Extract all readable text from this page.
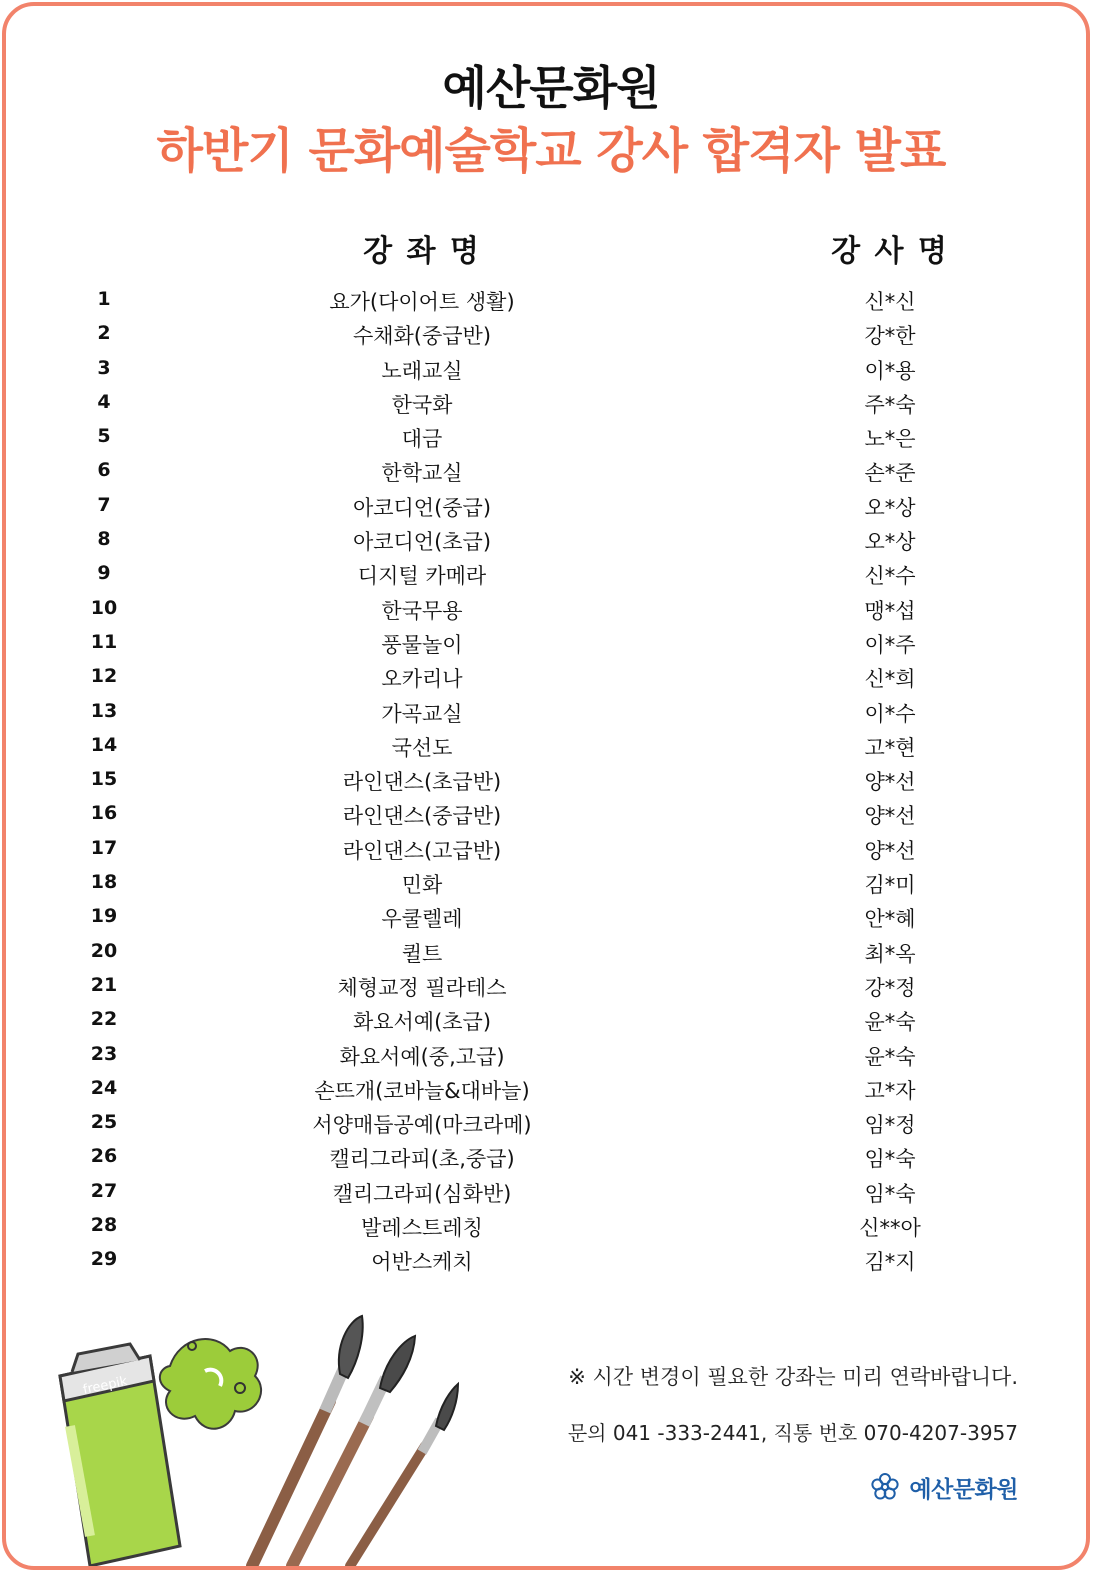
예산문화원
하반기 문화예술학교 강사 합격자 발표
강 좌 명	강 사 명
1	요가(다이어트 생활)	신*신
2	수채화(중급반)	강*한
3	노래교실	이*용
4	한국화	주*숙
5	대금	노*은
6	한학교실	손*준
7	아코디언(중급)	오*상
8	아코디언(초급)	오*상
9	디지털 카메라	신*수
10	한국무용	맹*섭
11	풍물놀이	이*주
12	오카리나	신*희
13	가곡교실	이*수
14	국선도	고*현
15	라인댄스(초급반)	양*선
16	라인댄스(중급반)	양*선
17	라인댄스(고급반)	양*선
18	민화	김*미
19	우쿨렐레	안*혜
20	퀼트	최*옥
21	체형교정 필라테스	강*정
22	화요서예(초급)	윤*숙
23	화요서예(중,고급)	윤*숙
24	손뜨개(코바늘&대바늘)	고*자
25	서양매듭공예(마크라메)	임*정
26	캘리그라피(초,중급)	임*숙
27	캘리그라피(심화반)	임*숙
28	발레스트레칭	신**아
29	어반스케치	김*지
freepik	※ 시간 변경이 필요한 강좌는 미리 연락바랍니다.
문의 041 -333-2441, 직통 번호 070-4207-3957
예산문화원
